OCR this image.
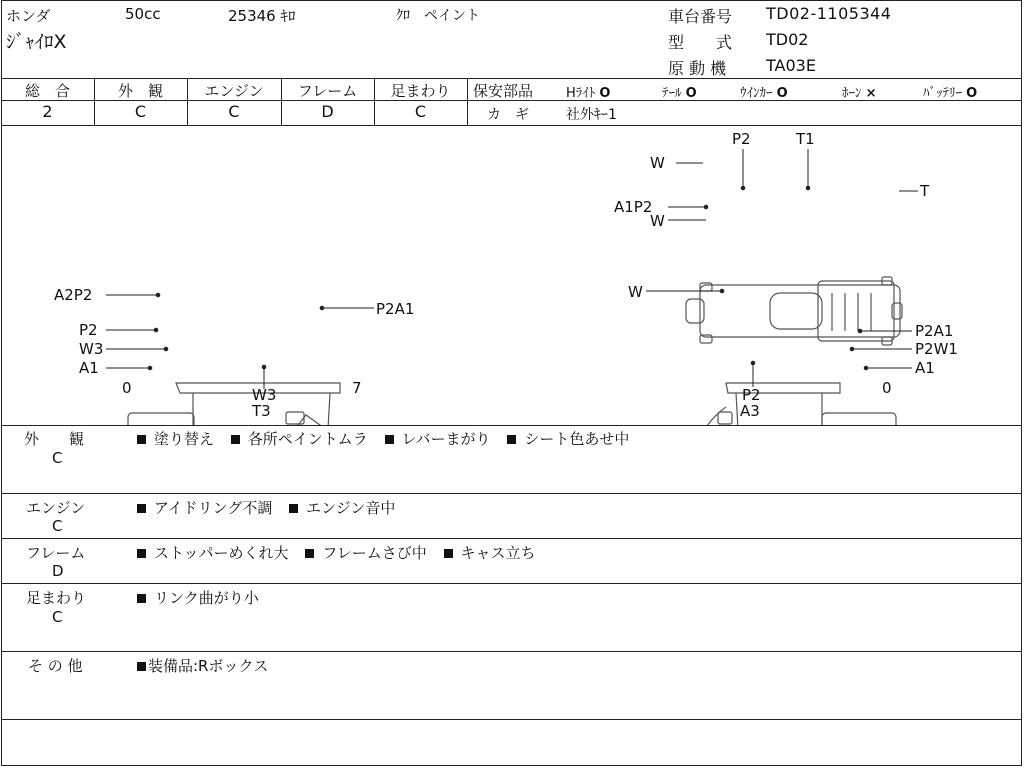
ホンダ	50cc	25346 ｷﾛ	ｸﾛ　ペイント
ｼﾞｬｲﾛX
車台番号 TD02-1105344
型　　式 TD02
原 動 機 TA03E
総　合
2
外　観
C
エンジン
C
フレーム
D
足まわり
C
保安部品	Hﾗｲﾄ O	ﾃｰﾙ O	ｳｲﾝｶｰ O	ﾎｰﾝ ×	ﾊﾞｯﾃﾘｰ O
カ　ギ	社外ｷｰ1
W
P2	T1
T
A1P2
W
A2P2
P2
W3
A1
0	W3
T3
7
P2A1
W
P2A1
P2W1
A1
0
P2
A3
外　　観
C
塗り替え 各所ペイントムラ レバーまがり シート色あせ中
エンジン
C
アイドリング不調 エンジン音中
フレーム
D
ストッパーめくれ大 フレームさび中 キャス立ち
足まわり
C
リンク曲がり小
そ の 他	装備品:Rボックス
